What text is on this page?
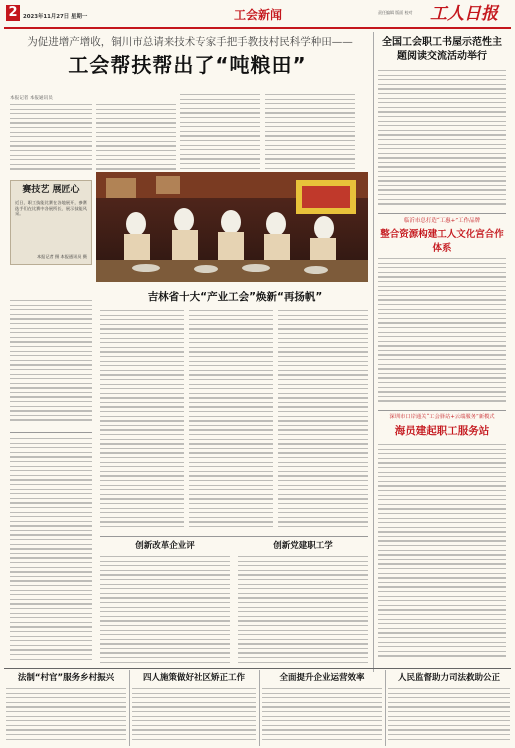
2	2023年11月27日 星期一	工会新闻	责任编辑 版面 校对 工人日报
为促进增产增收，铜川市总请来技术专家手把手教技村民科学种田——
工会帮扶帮出了“吨粮田”
本报记者 本报通讯员
赛技艺 展匠心
近日，职工技能比赛在各地展开，参赛选手们在比赛中各展所长、展示技能风采。
本报记者 摄 本报通讯员 摄
全国工会职工书屋示范性主题阅读交流活动举行
临沂市总打造“工惠+”工作品牌
整合资源构建工人文化宫合作体系
深圳市口岸通关“工会驿站+云端服务”新模式
海员建起职工服务站
吉林省十大“产业工会”焕新“再扬帆”
创新改革企业评	创新党建职工学
法制“村官”服务乡村振兴	四人施策做好社区矫正工作	全面提升企业运营效率	人民监督助力司法救助公正
